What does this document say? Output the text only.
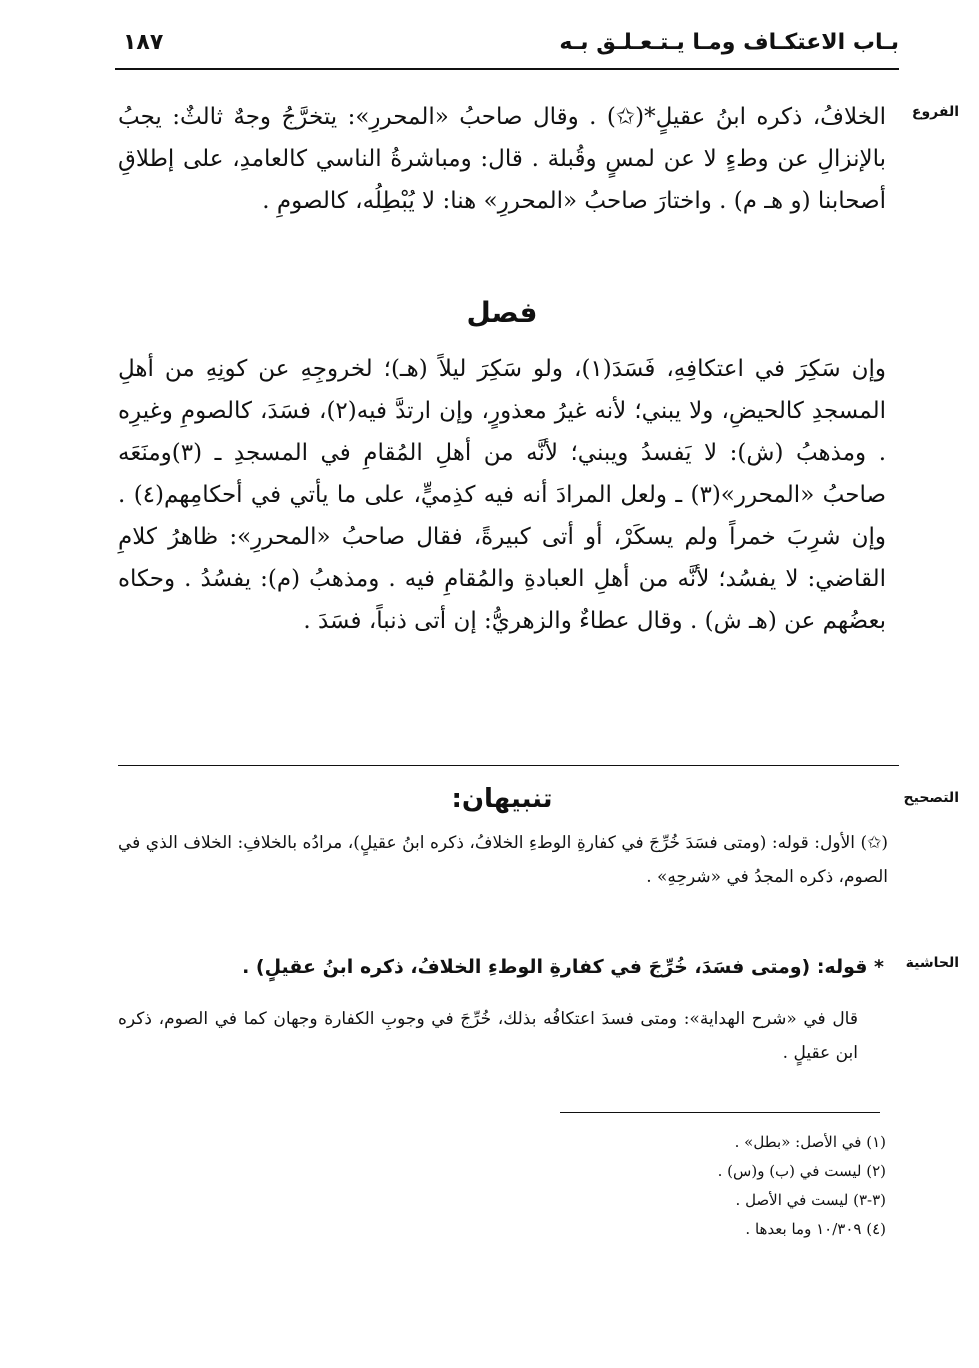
بـاب الاعتكـاف ومـا يـتـعـلـق بـه
١٨٧
الفروع
الخلافُ، ذكره ابنُ عقيلٍ*(✩) . وقال صاحبُ «المحررِ»: يتخرَّجُ وجهٌ ثالثٌ: يجبُ بالإنزالِ عن وطءٍ لا عن لمسٍ وقُبلة . قال: ومباشرةُ الناسي كالعامدِ، على إطلاقِ أصحابنا (و هـ م) . واختارَ صاحبُ «المحررِ» هنا: لا يُبْطِلُه، كالصومِ .
فصل
وإن سَكِرَ في اعتكافِهِ، فَسَدَ(١)، ولو سَكِرَ ليلاً (هـ)؛ لخروجِهِ عن كونِهِ من أهلِ المسجدِ كالحيضِ، ولا يبني؛ لأنه غيرُ معذورٍ، وإن ارتدَّ فيه(٢)، فسَدَ، كالصومِ وغيرِه . ومذهبُ (ش): لا يَفسدُ ويبني؛ لأنَّه من أهلِ المُقامِ في المسجدِ ـ (٣)ومنَعَه صاحبُ «المحرر»(٣) ـ ولعل المرادَ أنه فيه كذِميٍّ، على ما يأتي في أحكامِهم(٤) . وإن شرِبَ خمراً ولم يسكَرْ، أو أتى كبيرةً، فقال صاحبُ «المحررِ»: ظاهرُ كلامِ القاضي: لا يفسُد؛ لأنَّه من أهلِ العبادةِ والمُقامِ فيه . ومذهبُ (م): يفسُدُ . وحكاه بعضُهم عن (هـ ش) . وقال عطاءٌ والزهريُّ: إن أتى ذنباً، فسَدَ .
التصحيح
تنبيهان:
(✩) الأول: قوله: (ومتى فسَدَ خُرِّجَ في كفارةِ الوطءِ الخلافُ، ذكره ابنُ عقيلٍ)، مرادُه بالخلافِ: الخلاف الذي في الصوم، ذكره المجدُ في «شرحِهِ» .
الحاشية
* قوله: (ومتى فسَدَ، خُرِّجَ في كفارةِ الوطءِ الخلافُ، ذكره ابنُ عقيلٍ) .
قال في «شرح الهداية»: ومتى فسدَ اعتكافُه بذلك، خُرِّجَ في وجوبِ الكفارة وجهان كما في الصوم، ذكره ابن عقيلٍ .
(١) في الأصل: «بطل» .
(٢) ليست في (ب) و(س) .
(٣-٣) ليست في الأصل .
(٤) ١٠/٣٠٩ وما بعدها .
